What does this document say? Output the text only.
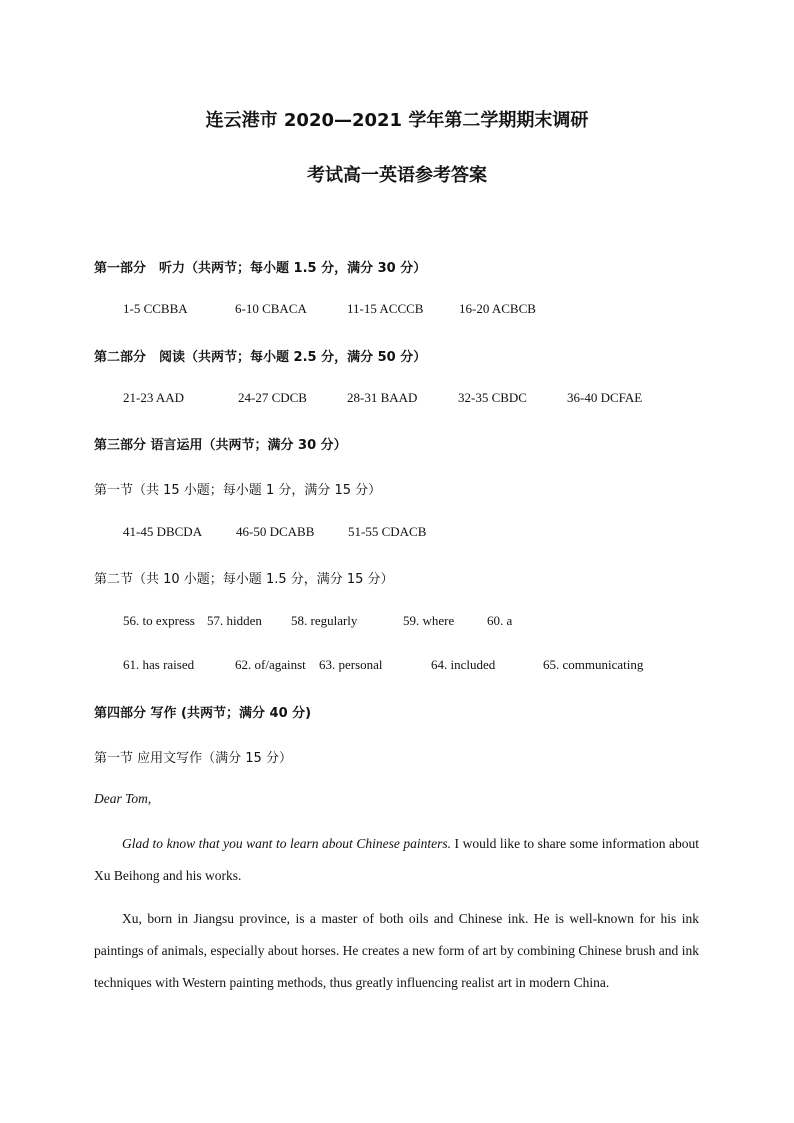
连云港市 2020—2021 学年第二学期期末调研
考试高一英语参考答案
第一部分　听力（共两节；每小题 1.5 分，满分 30 分）
1-5 CCBBA	6-10 CBACA	11-15 ACCCB	16-20 ACBCB
第二部分　阅读（共两节；每小题 2.5 分，满分 50 分）
21-23 AAD	24-27 CDCB	28-31 BAAD	32-35 CBDC	36-40 DCFAE
第三部分 语言运用（共两节；满分 30 分）
第一节（共 15 小题；每小题 1 分，满分 15 分）
41-45 DBCDA	46-50 DCABB	51-55 CDACB
第二节（共 10 小题；每小题 1.5 分，满分 15 分）
56. to express 57. hidden 58. regularly	59. where	60. a
61. has raised	62. of/against 63. personal	64. included	65. communicating
第四部分 写作 (共两节；满分 40 分)
第一节 应用文写作（满分 15 分）
Dear Tom,
Glad to know that you want to learn about Chinese painters. I would like to share some information about Xu Beihong and his works.
Xu, born in Jiangsu province, is a master of both oils and Chinese ink. He is well-known for his ink paintings of animals, especially about horses. He creates a new form of art by combining Chinese brush and ink techniques with Western painting methods, thus greatly influencing realist art in modern China.
